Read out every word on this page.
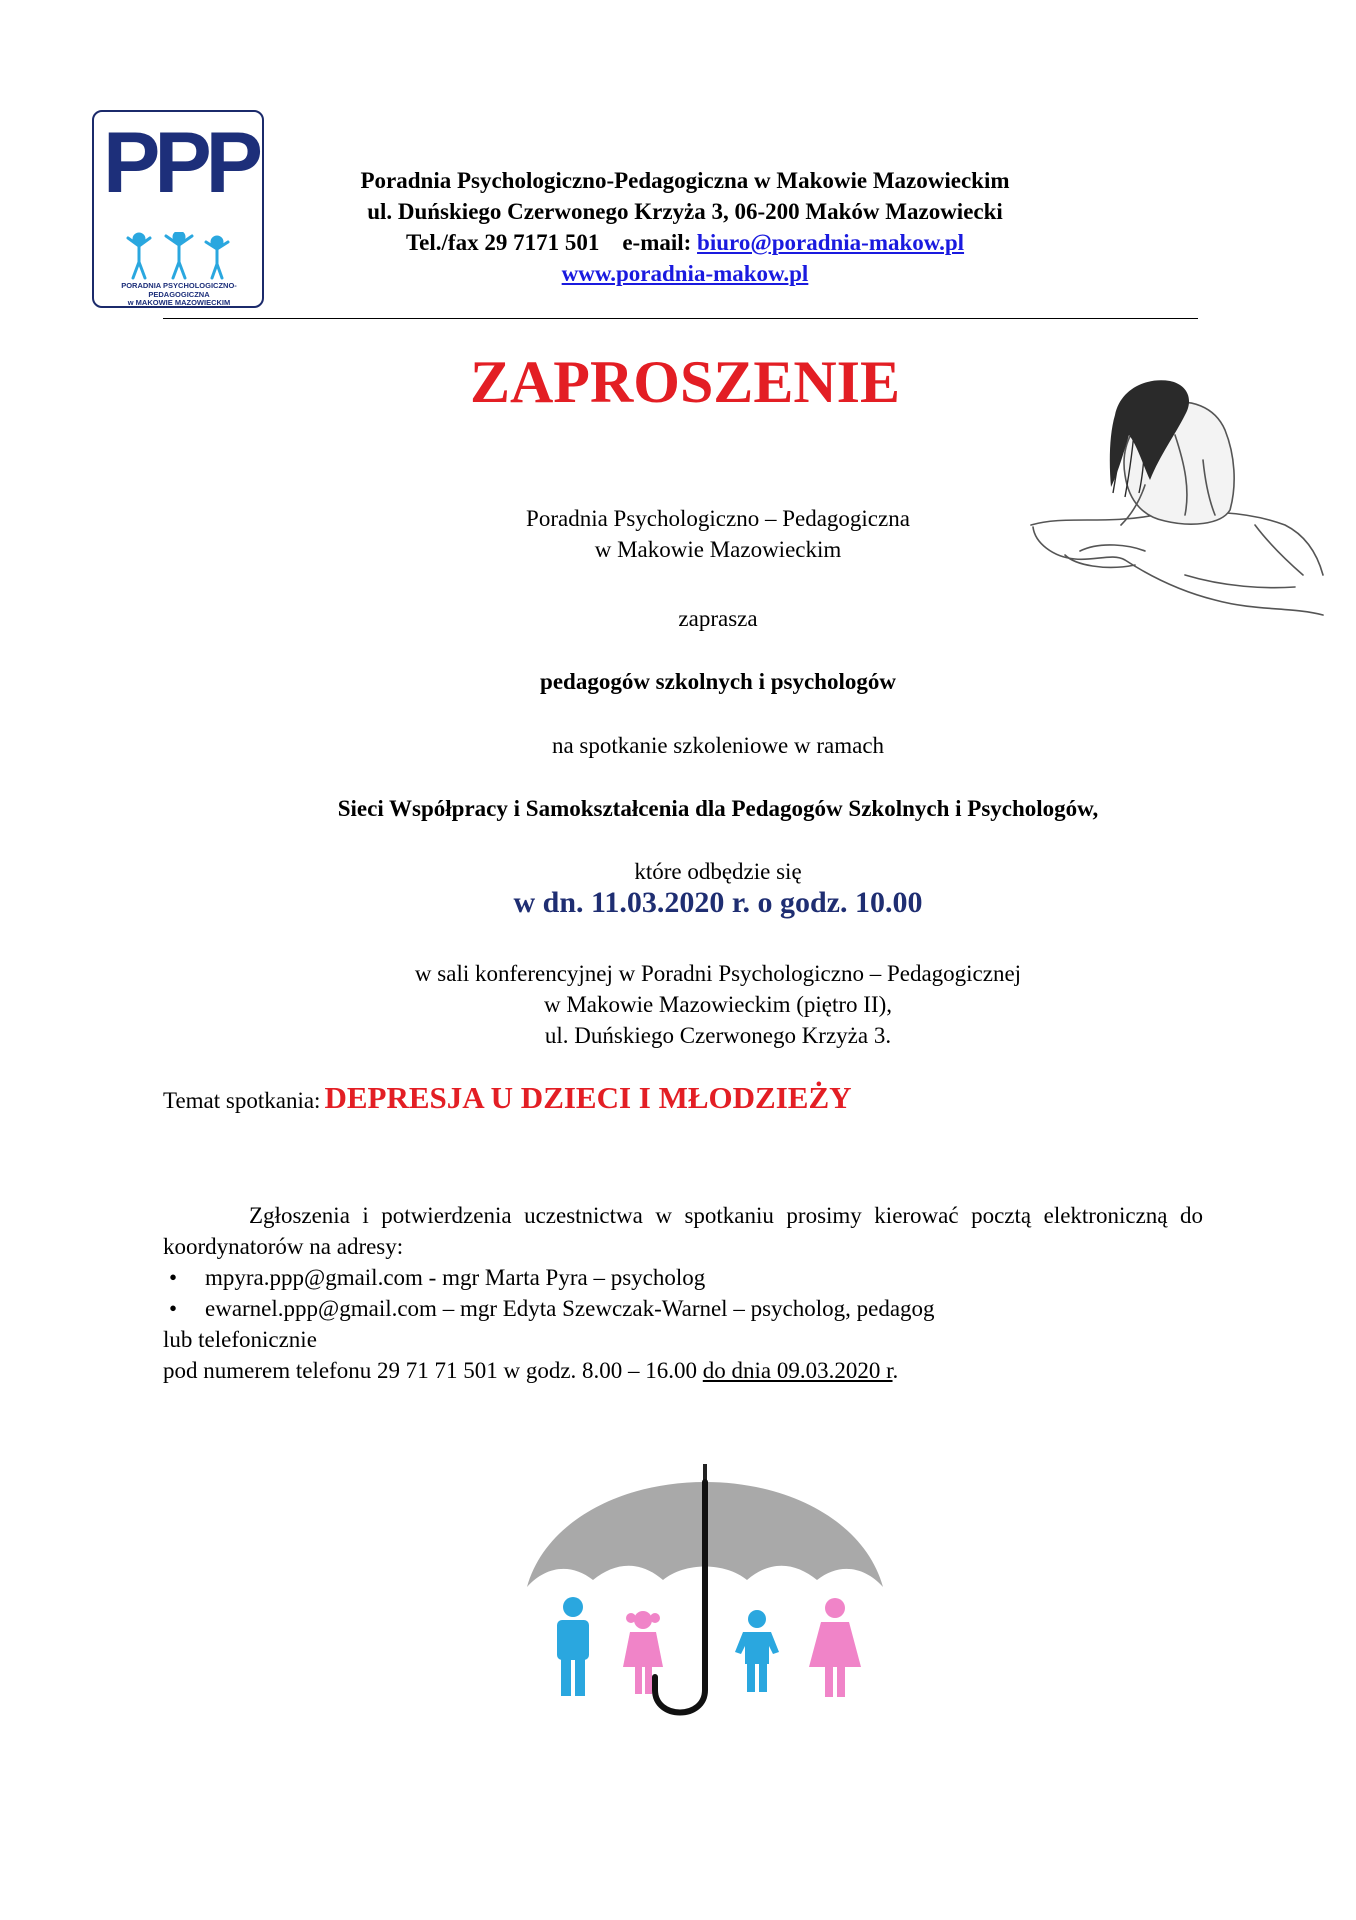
PPP
PORADNIA PSYCHOLOGICZNO-PEDAGOGICZNA
w MAKOWIE MAZOWIECKIM
Poradnia Psychologiczno-Pedagogiczna w Makowie Mazowieckim
ul. Duńskiego Czerwonego Krzyża 3, 06-200 Maków Mazowiecki
Tel./fax 29 7171 501 e-mail: biuro@poradnia-makow.pl
www.poradnia-makow.pl
ZAPROSZENIE
Poradnia Psychologiczno – Pedagogiczna
w Makowie Mazowieckim
zaprasza
pedagogów szkolnych i psychologów
na spotkanie szkoleniowe w ramach
Sieci Współpracy i Samokształcenia dla Pedagogów Szkolnych i Psychologów,
które odbędzie się
w dn. 11.03.2020 r. o godz. 10.00
w sali konferencyjnej w Poradni Psychologiczno – Pedagogicznej
w Makowie Mazowieckim (piętro II),
ul. Duńskiego Czerwonego Krzyża 3.
Temat spotkania: DEPRESJA U DZIECI I MŁODZIEŻY
Zgłoszenia i potwierdzenia uczestnictwa w spotkaniu prosimy kierować pocztą elektroniczną do koordynatorów na adresy:
• mpyra.ppp@gmail.com - mgr Marta Pyra – psycholog
• ewarnel.ppp@gmail.com – mgr Edyta Szewczak-Warnel – psycholog, pedagog
lub telefonicznie
pod numerem telefonu 29 71 71 501 w godz. 8.00 – 16.00 do dnia 09.03.2020 r.
